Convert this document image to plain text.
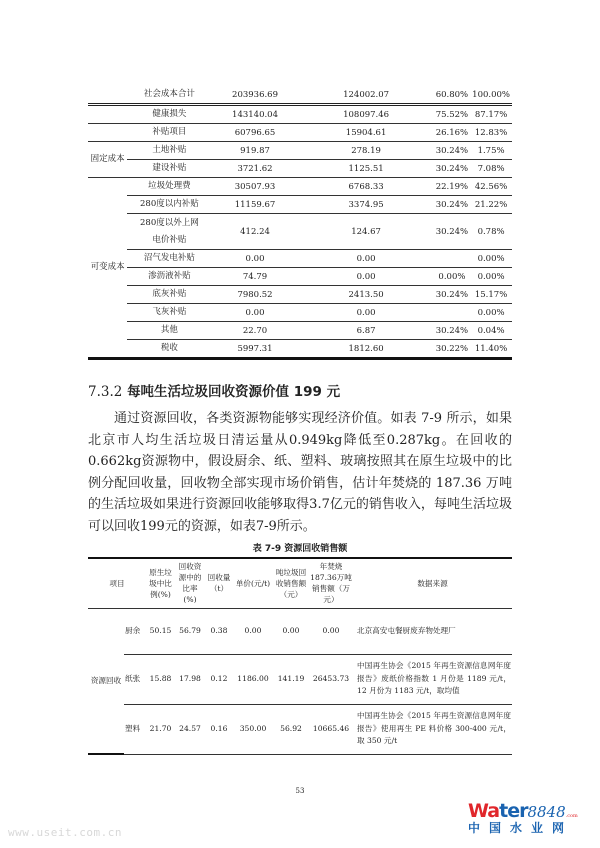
	社会成本合计	203936.69	124002.07	60.80%	100.00%
	健康损失	143140.04	108097.46	75.52%	87.17%
	补贴项目	60796.65	15904.61	26.16%	12.83%
固定成本	土地补贴	919.87	278.19	30.24%	1.75%
	建设补贴	3721.62	1125.51	30.24%	7.08%
可变成本	垃圾处理费	30507.93	6768.33	22.19%	42.56%
	280度以内补贴	11159.67	3374.95	30.24%	21.22%
	280度以外上网电价补贴	412.24	124.67	30.24%	0.78%
	沼气发电补贴	0.00	0.00		0.00%
	渗沥液补贴	74.79	0.00	0.00%	0.00%
	底灰补贴	7980.52	2413.50	30.24%	15.17%
	飞灰补贴	0.00	0.00		0.00%
	其他	22.70	6.87	30.24%	0.04%
	税收	5997.31	1812.60	30.22%	11.40%
7.3.2 每吨生活垃圾回收资源价值 199 元

通过资源回收，各类资源物能够实现经济价值。如表 7-9 所示，如果北京市人均生活垃圾日清运量从0.949kg降低至0.287kg。在回收的0.662kg资源物中，假设厨余、纸、塑料、玻璃按照其在原生垃圾中的比例分配回收量，回收物全部实现市场价销售，估计年焚烧的 187.36 万吨的生活垃圾如果进行资源回收能够取得3.7亿元的销售收入，每吨生活垃圾可以回收199元的资源，如表7-9所示。

表 7-9 资源回收销售额
项目		原生垃圾中比例(%)	回收资源中的比率(%)	回收量（t）	单价(元/t)	吨垃圾回收销售额（元）	年焚烧187.36万吨销售额（万元）	数据来源
资源回收	厨余	50.15	56.79	0.38	0.00	0.00	0.00	北京高安屯餐厨废弃物处理厂
	纸张	15.88	17.98	0.12	1186.00	141.19	26453.73	中国再生协会《2015 年再生资源信息网年度报告》废纸价格指数 1 月份是 1189 元/t，12 月份为 1183 元/t，取均值
	塑料	21.70	24.57	0.16	350.00	56.92	10665.46	中国再生协会《2015 年再生资源信息网年度报告》使用再生 PE 料价格 300-400 元/t，取 350 元/t
53
www.useit.com.cn
Water8848.com
中国水业网
